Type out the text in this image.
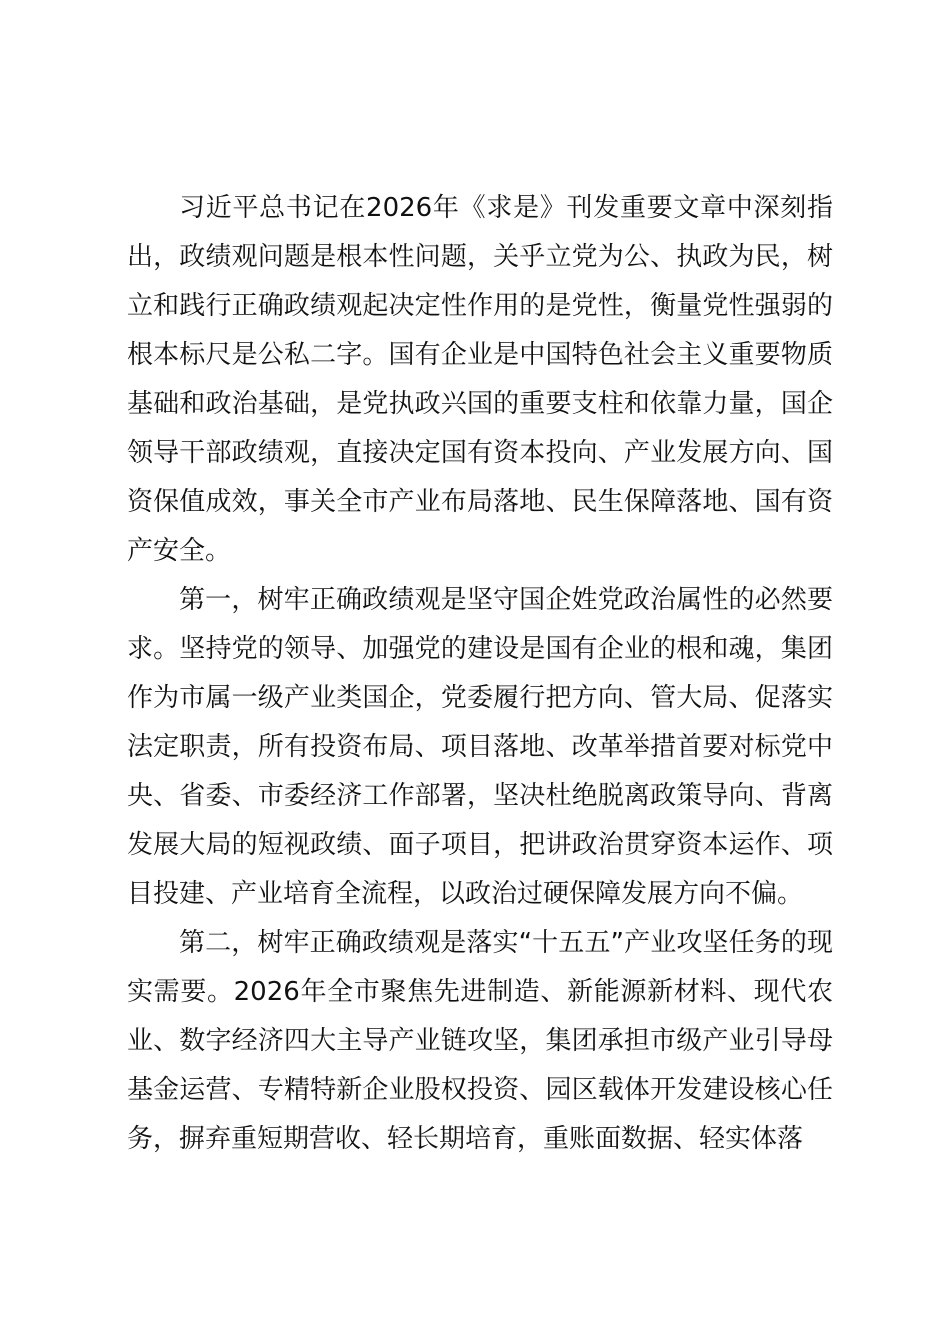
习近平总书记在2026年《求是》刊发重要文章中深刻指出，政绩观问题是根本性问题，关乎立党为公、执政为民，树立和践行正确政绩观起决定性作用的是党性，衡量党性强弱的根本标尺是公私二字。国有企业是中国特色社会主义重要物质基础和政治基础，是党执政兴国的重要支柱和依靠力量，国企领导干部政绩观，直接决定国有资本投向、产业发展方向、国资保值成效，事关全市产业布局落地、民生保障落地、国有资产安全。

第一，树牢正确政绩观是坚守国企姓党政治属性的必然要求。坚持党的领导、加强党的建设是国有企业的根和魂，集团作为市属一级产业类国企，党委履行把方向、管大局、促落实法定职责，所有投资布局、项目落地、改革举措首要对标党中央、省委、市委经济工作部署，坚决杜绝脱离政策导向、背离发展大局的短视政绩、面子项目，把讲政治贯穿资本运作、项目投建、产业培育全流程，以政治过硬保障发展方向不偏。

第二，树牢正确政绩观是落实“十五五”产业攻坚任务的现实需要。2026年全市聚焦先进制造、新能源新材料、现代农业、数字经济四大主导产业链攻坚，集团承担市级产业引导母基金运营、专精特新企业股权投资、园区载体开发建设核心任务，摒弃重短期营收、轻长期培育，重账面数据、轻实体落
